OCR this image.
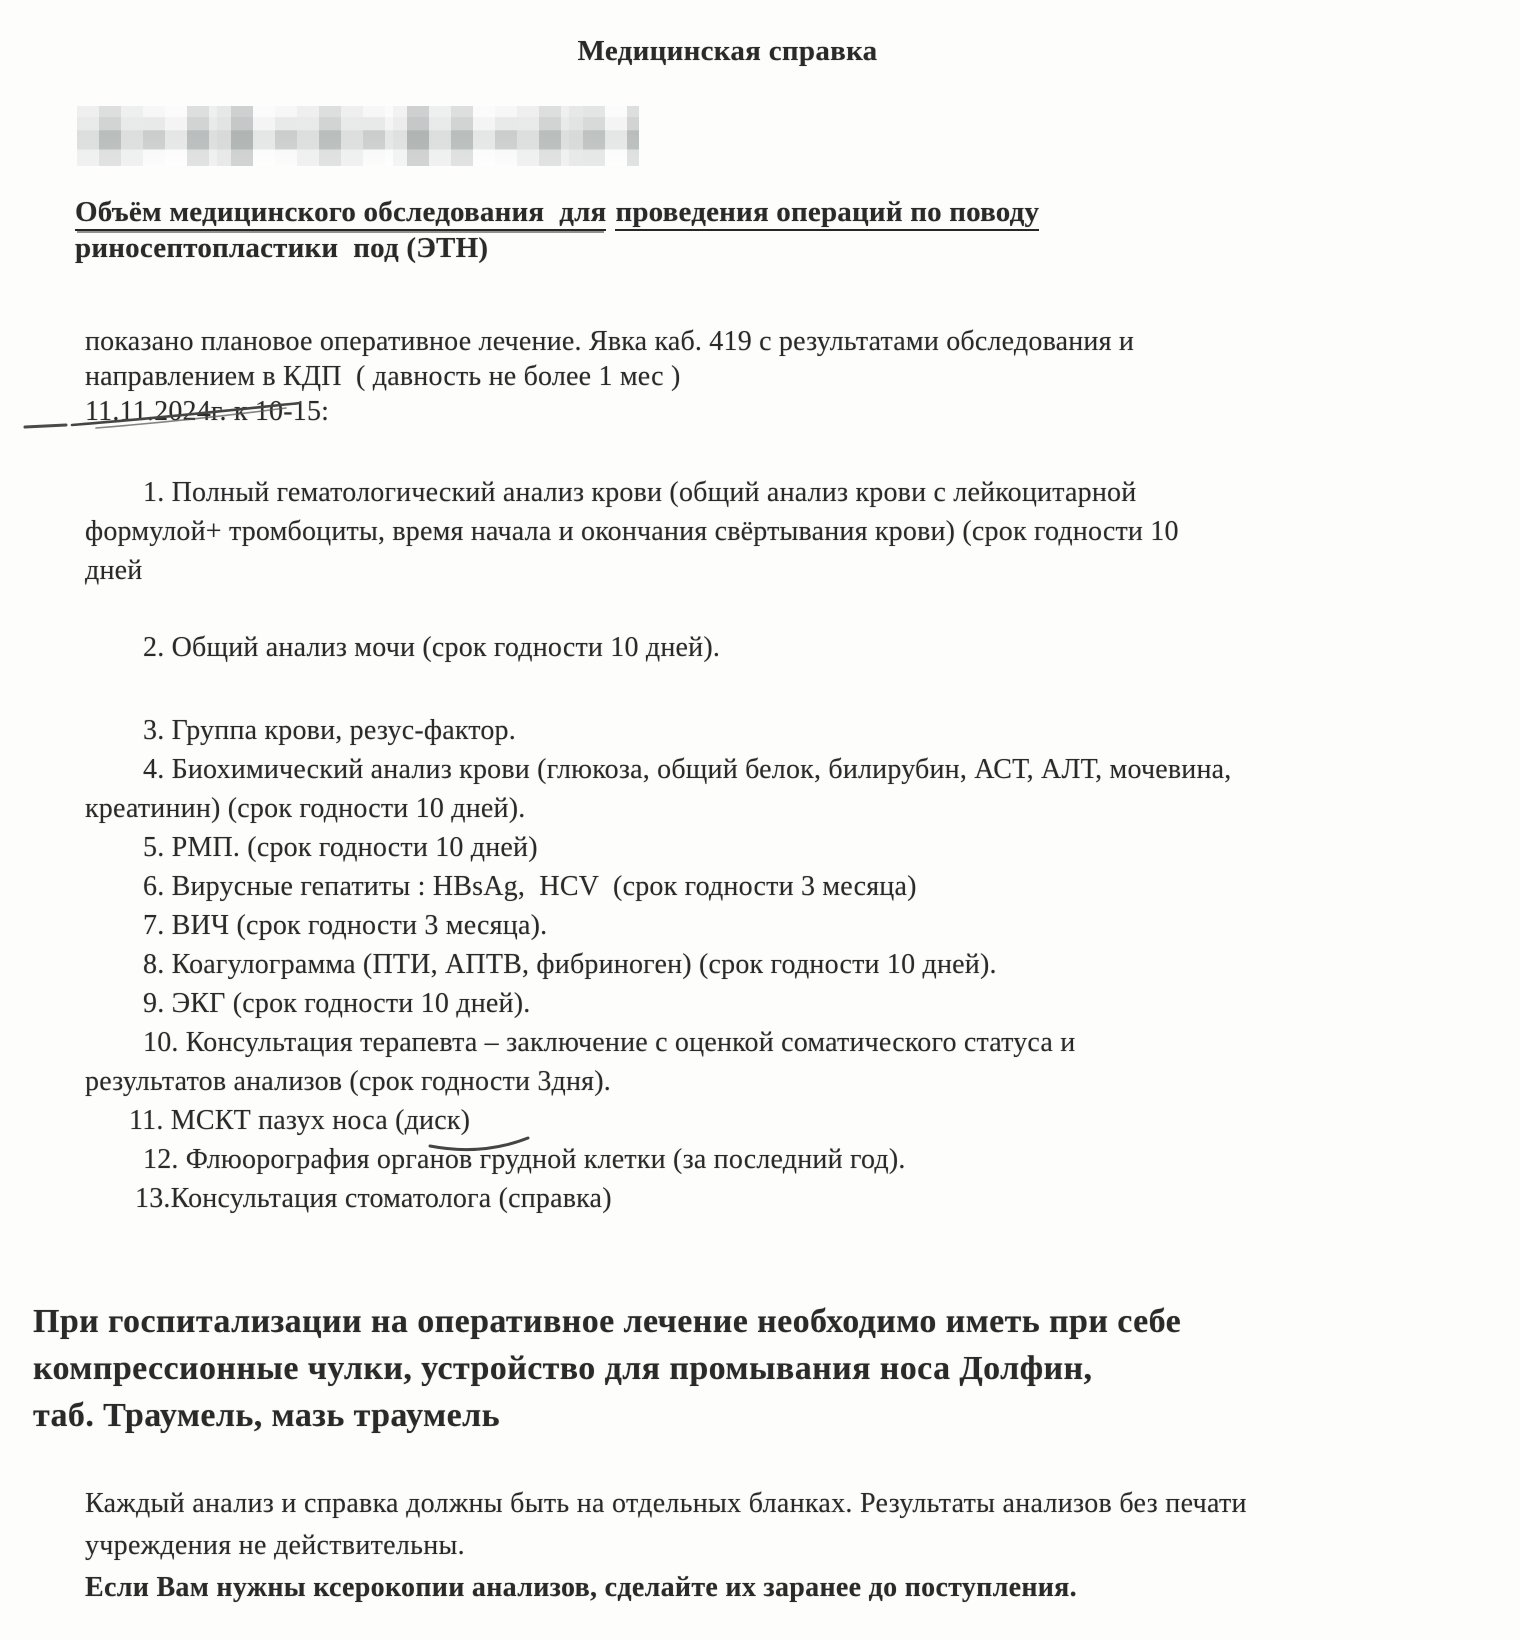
Медицинская справка
Объём медицинского обследования  для проведения операций по поводу
риносептопластики  под (ЭТН)
показано плановое оперативное лечение. Явка каб. 419 с результатами обследования и
направлением в КДП  ( давность не более 1 мес )
11.11.2024г. к 10-15:
1. Полный гематологический анализ крови (общий анализ крови с лейкоцитарной
формулой+ тромбоциты, время начала и окончания свёртывания крови) (срок годности 10
дней
2. Общий анализ мочи (срок годности 10 дней).
3. Группа крови, резус-фактор.
4. Биохимический анализ крови (глюкоза, общий белок, билирубин, АСТ, АЛТ, мочевина,
креатинин) (срок годности 10 дней).
5. РМП. (срок годности 10 дней)
6. Вирусные гепатиты : HBsAg,  HCV  (срок годности 3 месяца)
7. ВИЧ (срок годности 3 месяца).
8. Коагулограмма (ПТИ, АПТВ, фибриноген) (срок годности 10 дней).
9. ЭКГ (срок годности 10 дней).
10. Консультация терапевта – заключение с оценкой соматического статуса и
результатов анализов (срок годности 3дня).
11. МСКТ пазух носа (диск)
12. Флюорография органов грудной клетки (за последний год).
13.Консультация стоматолога (справка)
При госпитализации на оперативное лечение необходимо иметь при себе
компрессионные чулки, устройство для промывания носа Долфин,
таб. Траумель, мазь траумель
Каждый анализ и справка должны быть на отдельных бланках. Результаты анализов без печати
учреждения не действительны.
Если Вам нужны ксерокопии анализов, сделайте их заранее до поступления.
